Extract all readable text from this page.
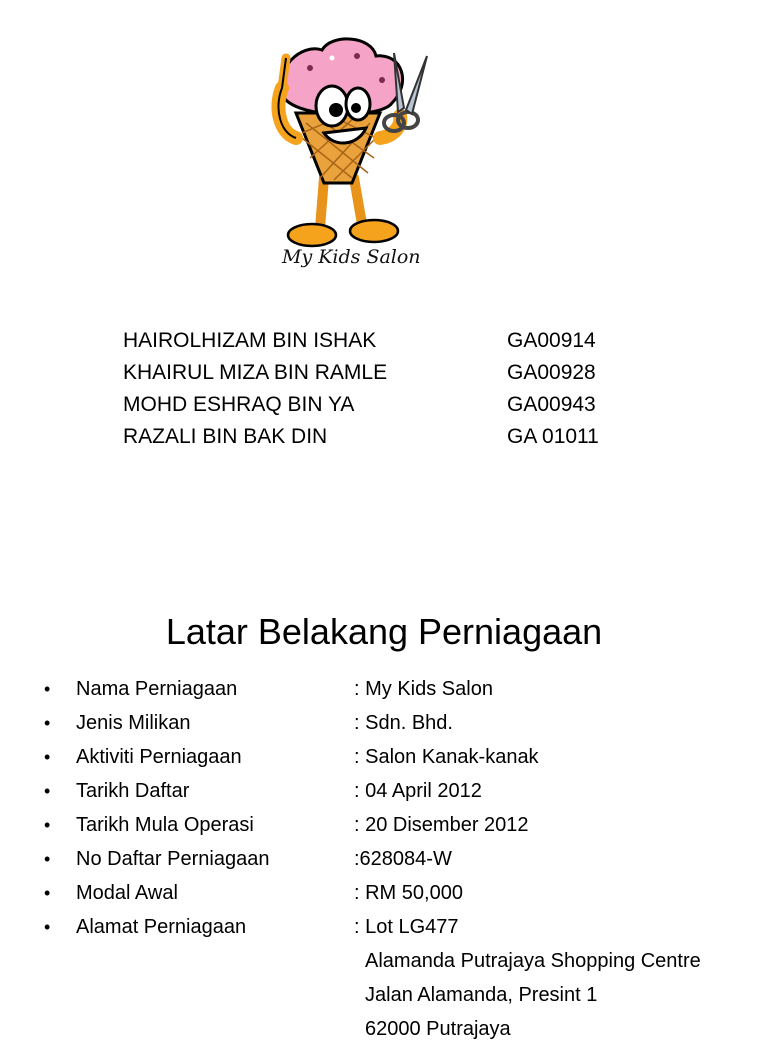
My Kids Salon
HAIROLHIZAM BIN ISHAK	GA00914
KHAIRUL MIZA BIN RAMLE	GA00928
MOHD ESHRAQ BIN YA	GA00943
RAZALI BIN BAK DIN	GA 01011
Latar Belakang Perniagaan
• Nama Perniagaan	: My Kids Salon
• Jenis Milikan	: Sdn. Bhd.
• Aktiviti Perniagaan	: Salon Kanak-kanak
• Tarikh Daftar	: 04 April 2012
• Tarikh Mula Operasi	: 20 Disember 2012
• No Daftar Perniagaan	:628084-W
• Modal Awal	: RM 50,000
• Alamat Perniagaan	: Lot LG477
Alamanda Putrajaya Shopping Centre
Jalan Alamanda, Presint 1
62000 Putrajaya
